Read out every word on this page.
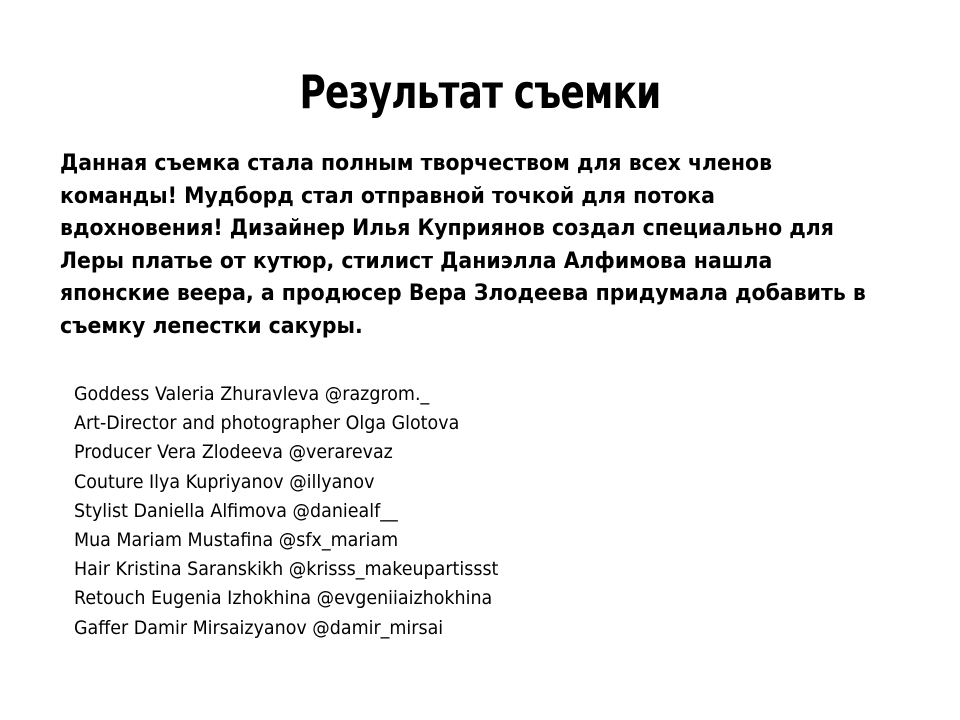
Результат съемки

Данная съемка стала полным творчеством для всех членов
команды! Мудборд стал отправной точкой для потока
вдохновения! Дизайнер Илья Куприянов создал специально для
Леры платье от кутюр, стилист Даниэлла Алфимова нашла
японские веера, а продюсер Вера Злодеева придумала добавить в
съемку лепестки сакуры.

Goddess Valeria Zhuravleva @razgrom._
Art-Director and photographer Olga Glotova
Producer Vera Zlodeeva @verarevaz
Couture Ilya Kupriyanov @illyanov
Stylist Daniella Alfimova @daniealf__
Mua Mariam Mustafina @sfx_mariam
Hair Kristina Saranskikh @krisss_makeupartissst
Retouch Eugenia Izhokhina @evgeniiaizhokhina
Gaffer Damir Mirsaizyanov @damir_mirsai
